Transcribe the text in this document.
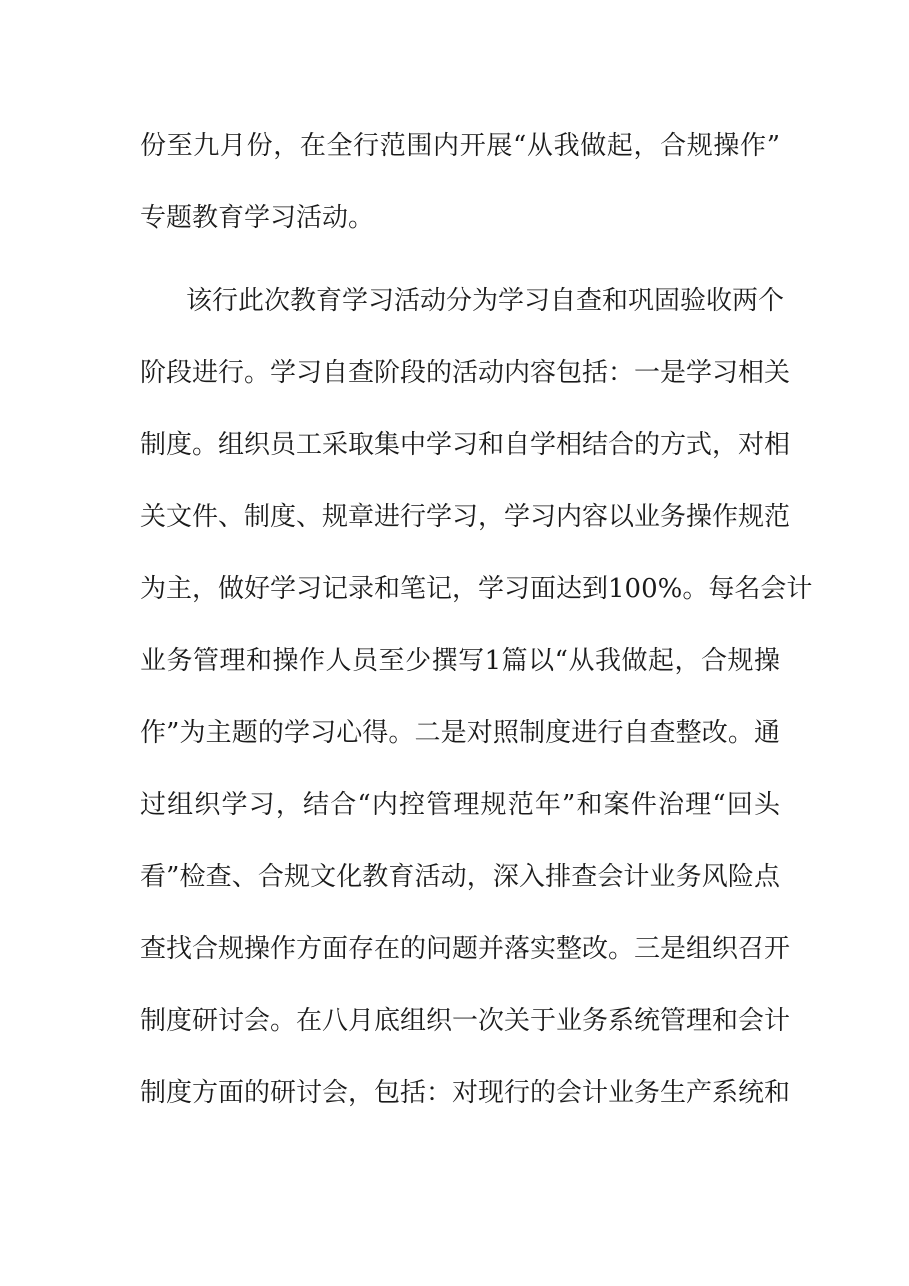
份至九月份，在全行范围内开展“从我做起，合规操作”
专题教育学习活动。
该行此次教育学习活动分为学习自查和巩固验收两个
阶段进行。学习自查阶段的活动内容包括：一是学习相关
制度。组织员工采取集中学习和自学相结合的方式，对相
关文件、制度、规章进行学习，学习内容以业务操作规范
为主，做好学习记录和笔记，学习面达到100%。每名会计
业务管理和操作人员至少撰写1篇以“从我做起，合规操
作”为主题的学习心得。二是对照制度进行自查整改。通
过组织学习，结合“内控管理规范年”和案件治理“回头
看”检查、合规文化教育活动，深入排查会计业务风险点
查找合规操作方面存在的问题并落实整改。三是组织召开
制度研讨会。在八月底组织一次关于业务系统管理和会计
制度方面的研讨会，包括：对现行的会计业务生产系统和
